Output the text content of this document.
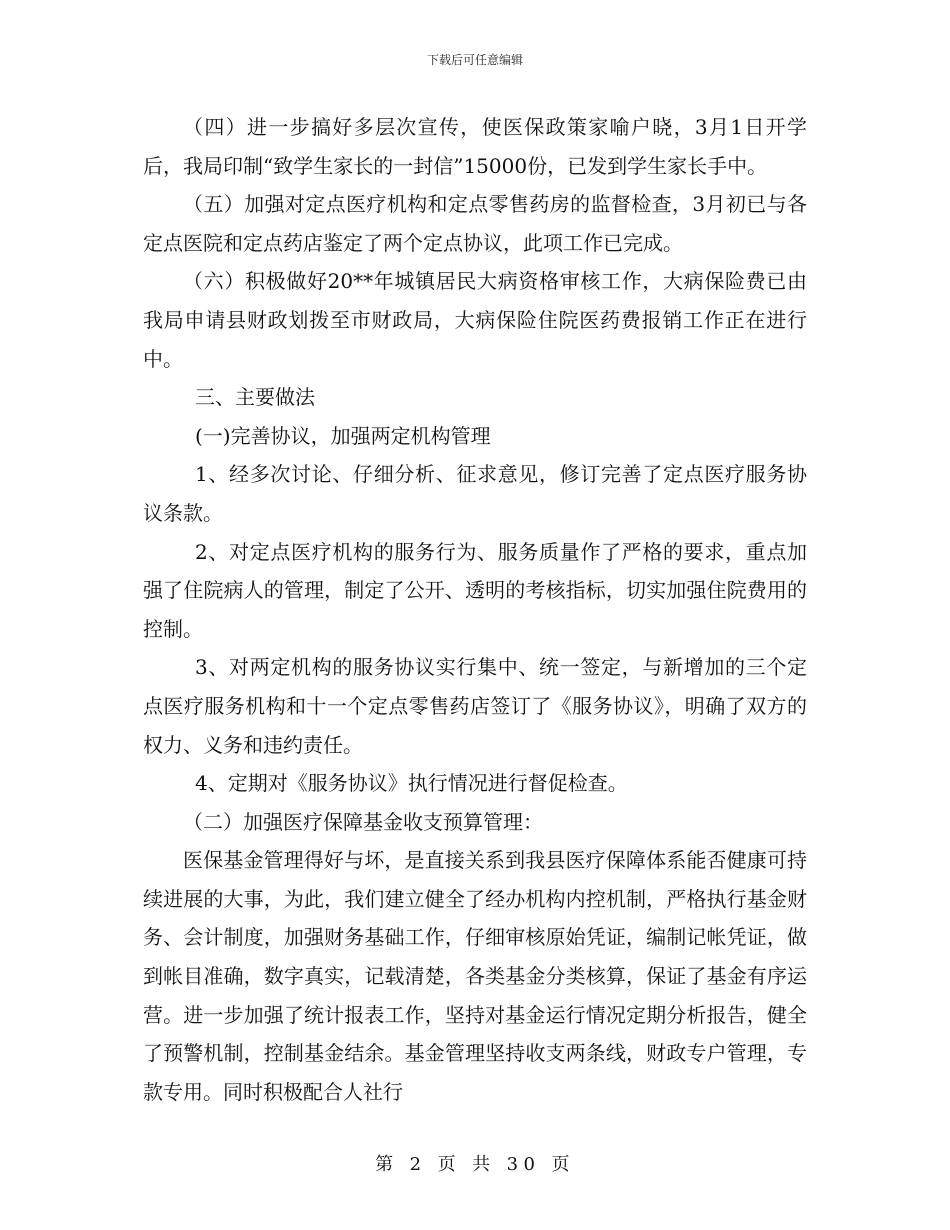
下载后可任意编辑

（四）进一步搞好多层次宣传，使医保政策家喻户晓，3月1日开学后，我局印制“致学生家长的一封信”15000份，已发到学生家长手中。

（五）加强对定点医疗机构和定点零售药房的监督检查，3月初已与各定点医院和定点药店鉴定了两个定点协议，此项工作已完成。

（六）积极做好20**年城镇居民大病资格审核工作，大病保险费已由我局申请县财政划拨至市财政局，大病保险住院医药费报销工作正在进行中。

三、主要做法

(一)完善协议，加强两定机构管理

1、经多次讨论、仔细分析、征求意见，修订完善了定点医疗服务协议条款。

2、对定点医疗机构的服务行为、服务质量作了严格的要求，重点加强了住院病人的管理，制定了公开、透明的考核指标，切实加强住院费用的控制。

3、对两定机构的服务协议实行集中、统一签定，与新增加的三个定点医疗服务机构和十一个定点零售药店签订了《服务协议》，明确了双方的权力、义务和违约责任。

4、定期对《服务协议》执行情况进行督促检查。

（二）加强医疗保障基金收支预算管理：

医保基金管理得好与坏，是直接关系到我县医疗保障体系能否健康可持续进展的大事，为此，我们建立健全了经办机构内控机制，严格执行基金财务、会计制度，加强财务基础工作，仔细审核原始凭证，编制记帐凭证，做到帐目准确，数字真实，记载清楚，各类基金分类核算，保证了基金有序运营。进一步加强了统计报表工作，坚持对基金运行情况定期分析报告，健全了预警机制，控制基金结余。基金管理坚持收支两条线，财政专户管理，专款专用。同时积极配合人社行

第 2 页 共 30 页
